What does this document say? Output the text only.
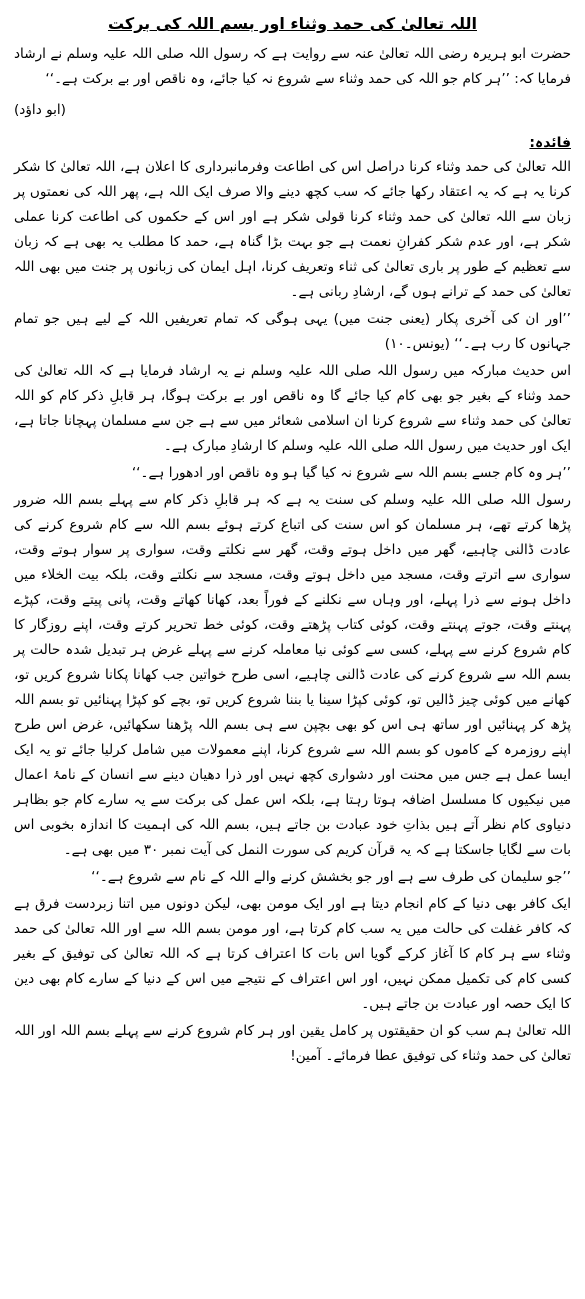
اللہ تعالیٰ کی حمد وثناء اور بسم اللہ کی برکت

حضرت ابو ہریرہ رضی اللہ تعالیٰ عنہ سے روایت ہے کہ رسول اللہ صلی اللہ علیہ وسلم نے ارشاد فرمایا کہ: ’’ہر کام جو اللہ کی حمد وثناء سے شروع نہ کیا جائے، وہ ناقص اور بے برکت ہے۔‘‘

(ابو داؤد)

فائدہ:

اللہ تعالیٰ کی حمد وثناء کرنا دراصل اس کی اطاعت وفرمانبرداری کا اعلان ہے، اللہ تعالیٰ کا شکر کرنا یہ ہے کہ یہ اعتقاد رکھا جائے کہ سب کچھ دینے والا صرف ایک اللہ ہے، پھر اللہ کی نعمتوں پر زبان سے اللہ تعالیٰ کی حمد وثناء کرنا قولی شکر ہے اور اس کے حکموں کی اطاعت کرنا عملی شکر ہے، اور عدم شکر کفرانِ نعمت ہے جو بہت بڑا گناہ ہے، حمد کا مطلب یہ بھی ہے کہ زبان سے تعظیم کے طور پر باری تعالیٰ کی ثناء وتعریف کرنا، اہل ایمان کی زبانوں پر جنت میں بھی اللہ تعالیٰ کی حمد کے ترانے ہوں گے، ارشادِ ربانی ہے۔

’’اور ان کی آخری پکار (یعنی جنت میں) یہی ہوگی کہ تمام تعریفیں اللہ کے لیے ہیں جو تمام جہانوں کا رب ہے۔‘‘ (یونس۔۱۰)

اس حدیث مبارکہ میں رسول اللہ صلی اللہ علیہ وسلم نے یہ ارشاد فرمایا ہے کہ اللہ تعالیٰ کی حمد وثناء کے بغیر جو بھی کام کیا جائے گا وہ ناقص اور بے برکت ہوگا، ہر قابلِ ذکر کام کو اللہ تعالیٰ کی حمد وثناء سے شروع کرنا ان اسلامی شعائر میں سے ہے جن سے مسلمان پہچانا جاتا ہے، ایک اور حدیث میں رسول اللہ صلی اللہ علیہ وسلم کا ارشادِ مبارک ہے۔

’’ہر وہ کام جسے بسم اللہ سے شروع نہ کیا گیا ہو وہ ناقص اور ادھورا ہے۔‘‘

رسول اللہ صلی اللہ علیہ وسلم کی سنت یہ ہے کہ ہر قابلِ ذکر کام سے پہلے بسم اللہ ضرور پڑھا کرتے تھے، ہر مسلمان کو اس سنت کی اتباع کرتے ہوئے بسم اللہ سے کام شروع کرنے کی عادت ڈالنی چاہیے، گھر میں داخل ہوتے وقت، گھر سے نکلتے وقت، سواری پر سوار ہوتے وقت، سواری سے اترتے وقت، مسجد میں داخل ہوتے وقت، مسجد سے نکلتے وقت، بلکہ بیت الخلاء میں داخل ہونے سے ذرا پہلے، اور وہاں سے نکلنے کے فوراً بعد، کھانا کھاتے وقت، پانی پیتے وقت، کپڑے پہنتے وقت، جوتے پہنتے وقت، کوئی کتاب پڑھتے وقت، کوئی خط تحریر کرتے وقت، اپنے روزگار کا کام شروع کرنے سے پہلے، کسی سے کوئی نیا معاملہ کرنے سے پہلے غرض ہر تبدیل شدہ حالت پر بسم اللہ سے شروع کرنے کی عادت ڈالنی چاہیے، اسی طرح خواتین جب کھانا پکانا شروع کریں تو، کھانے میں کوئی چیز ڈالیں تو، کوئی کپڑا سینا یا بننا شروع کریں تو، بچے کو کپڑا پہنائیں تو بسم اللہ پڑھ کر پہنائیں اور ساتھ ہی اس کو بھی بچپن سے ہی بسم اللہ پڑھنا سکھائیں، غرض اس طرح اپنے روزمرہ کے کاموں کو بسم اللہ سے شروع کرنا، اپنے معمولات میں شامل کرلیا جائے تو یہ ایک ایسا عمل ہے جس میں محنت اور دشواری کچھ نہیں اور ذرا دھیان دینے سے انسان کے نامۂ اعمال میں نیکیوں کا مسلسل اضافہ ہوتا رہتا ہے، بلکہ اس عمل کی برکت سے یہ سارے کام جو بظاہر دنیاوی کام نظر آتے ہیں بذاتِ خود عبادت بن جاتے ہیں، بسم اللہ کی اہمیت کا اندازہ بخوبی اس بات سے لگایا جاسکتا ہے کہ یہ قرآن کریم کی سورت النمل کی آیت نمبر ۳۰ میں بھی ہے۔

’’جو سلیمان کی طرف سے ہے اور جو بخشش کرنے والے اللہ کے نام سے شروع ہے۔‘‘

ایک کافر بھی دنیا کے کام انجام دیتا ہے اور ایک مومن بھی، لیکن دونوں میں اتنا زبردست فرق ہے کہ کافر غفلت کی حالت میں یہ سب کام کرتا ہے، اور مومن بسم اللہ سے اور اللہ تعالیٰ کی حمد وثناء سے ہر کام کا آغاز کرکے گویا اس بات کا اعتراف کرتا ہے کہ اللہ تعالیٰ کی توفیق کے بغیر کسی کام کی تکمیل ممکن نہیں، اور اس اعتراف کے نتیجے میں اس کے دنیا کے سارے کام بھی دین کا ایک حصہ اور عبادت بن جاتے ہیں۔

اللہ تعالیٰ ہم سب کو ان حقیقتوں پر کامل یقین اور ہر کام شروع کرنے سے پہلے بسم اللہ اور اللہ تعالیٰ کی حمد وثناء کی توفیق عطا فرمائے۔ آمین!
